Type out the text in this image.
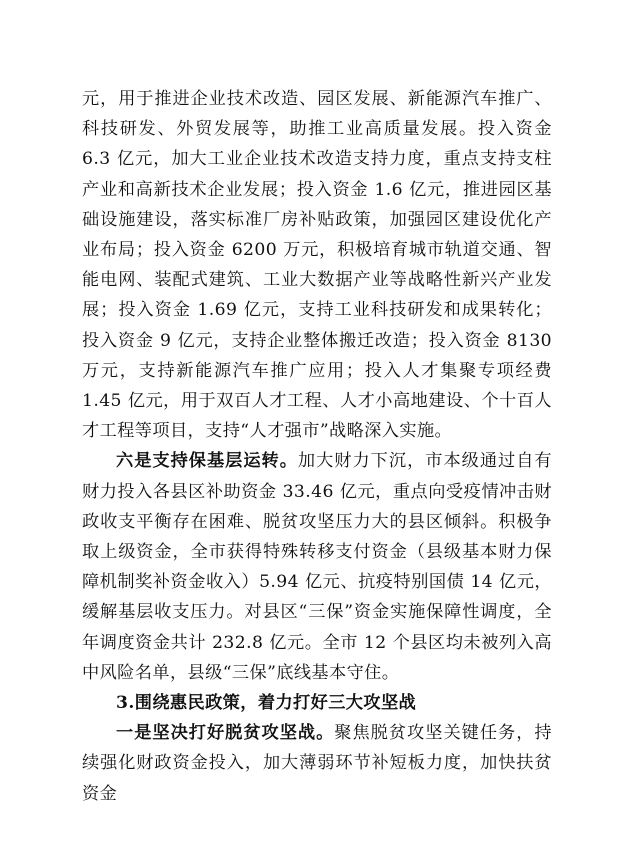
元，用于推进企业技术改造、园区发展、新能源汽车推广、科技研发、外贸发展等，助推工业高质量发展。投入资金 6.3 亿元，加大工业企业技术改造支持力度，重点支持支柱产业和高新技术企业发展；投入资金 1.6 亿元，推进园区基础设施建设，落实标准厂房补贴政策，加强园区建设优化产业布局；投入资金 6200 万元，积极培育城市轨道交通、智能电网、装配式建筑、工业大数据产业等战略性新兴产业发展；投入资金 1.69 亿元，支持工业科技研发和成果转化；投入资金 9 亿元，支持企业整体搬迁改造；投入资金 8130 万元，支持新能源汽车推广应用；投入人才集聚专项经费 1.45 亿元，用于双百人才工程、人才小高地建设、个十百人才工程等项目，支持“人才强市”战略深入实施。

六是支持保基层运转。加大财力下沉，市本级通过自有财力投入各县区补助资金 33.46 亿元，重点向受疫情冲击财政收支平衡存在困难、脱贫攻坚压力大的县区倾斜。积极争取上级资金，全市获得特殊转移支付资金（县级基本财力保障机制奖补资金收入）5.94 亿元、抗疫特别国债 14 亿元，缓解基层收支压力。对县区“三保”资金实施保障性调度，全年调度资金共计 232.8 亿元。全市 12 个县区均未被列入高中风险名单，县级“三保”底线基本守住。

3.围绕惠民政策，着力打好三大攻坚战

一是坚决打好脱贫攻坚战。聚焦脱贫攻坚关键任务，持续强化财政资金投入，加大薄弱环节补短板力度，加快扶贫资金
